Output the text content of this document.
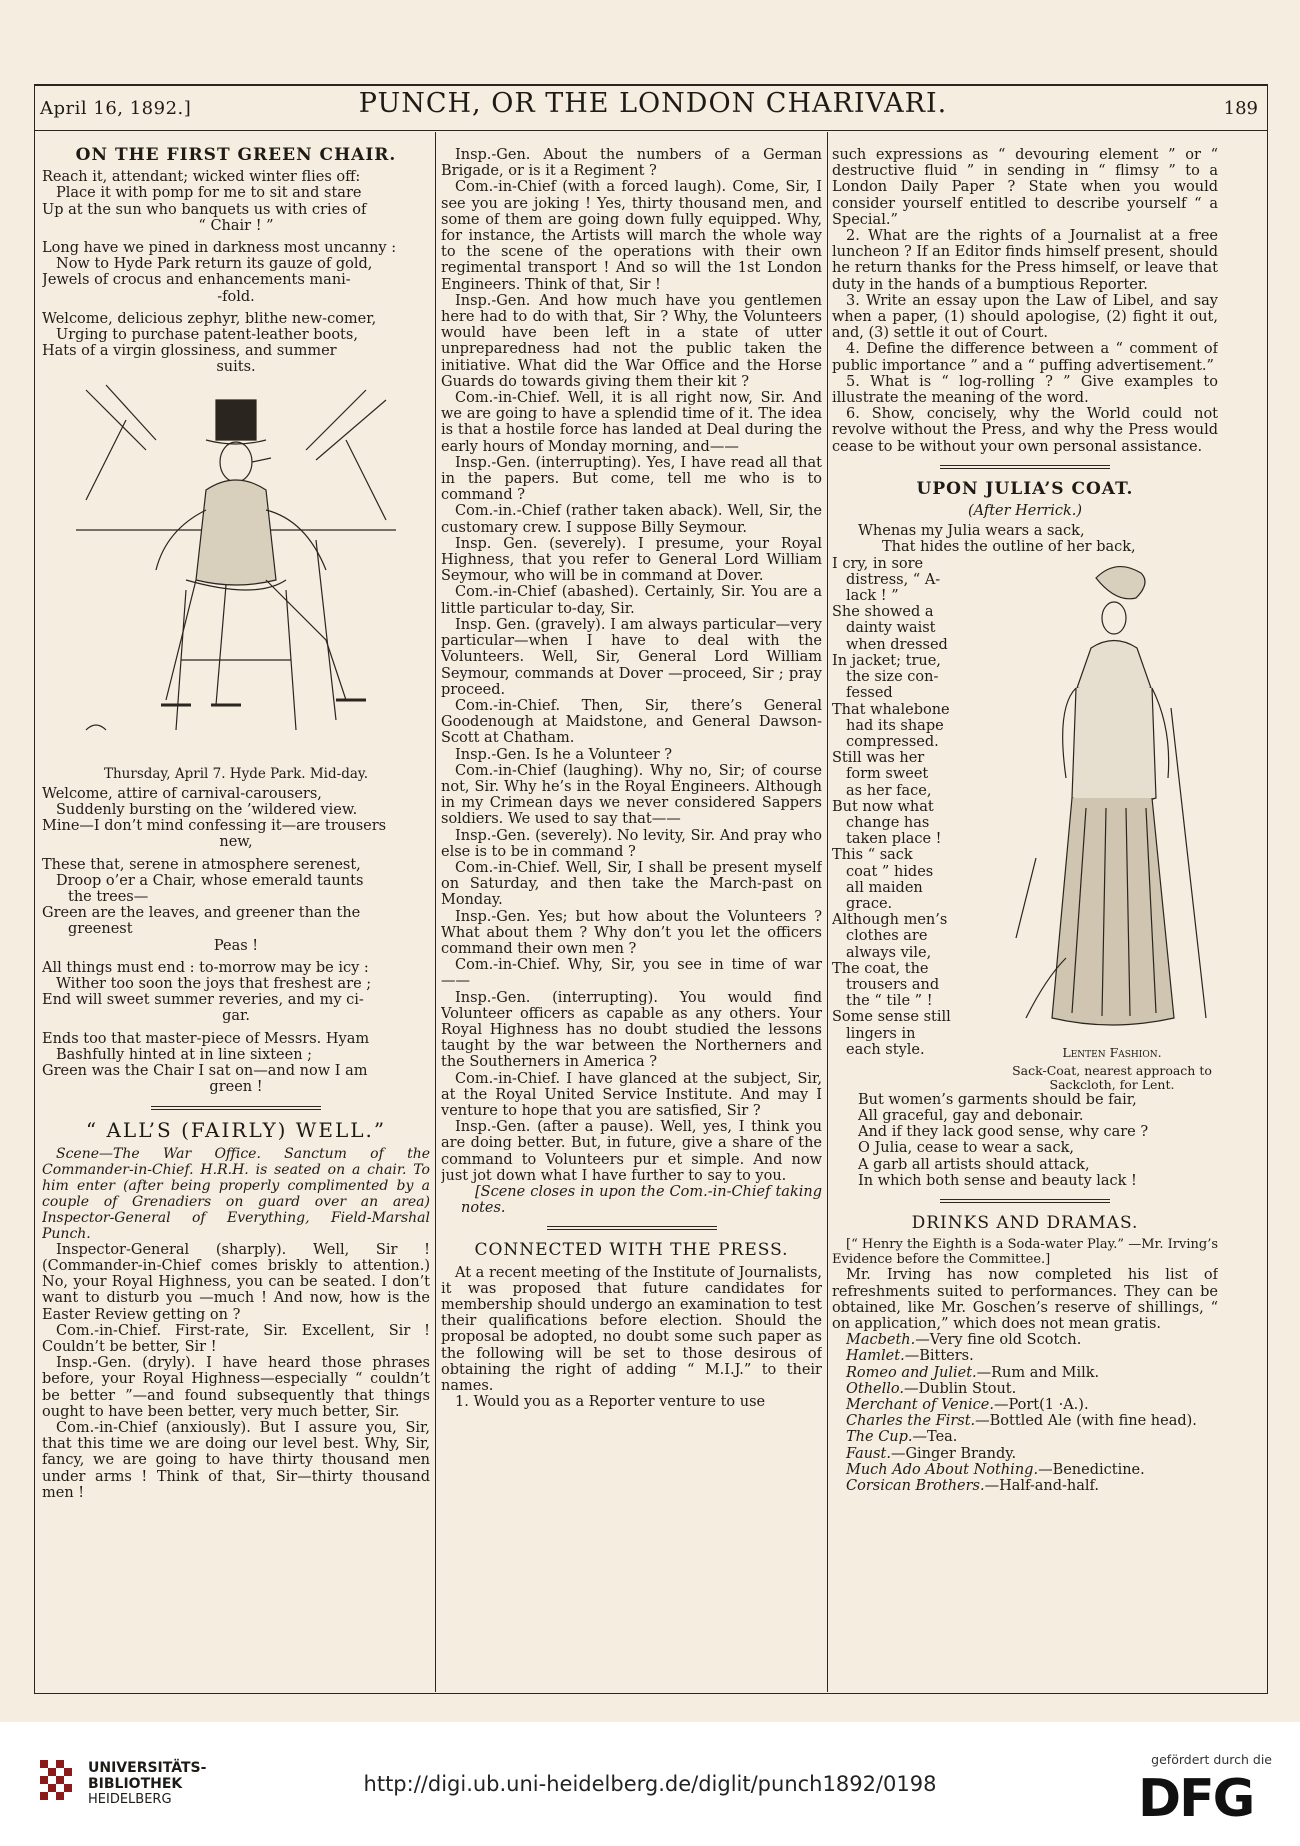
April 16, 1892.]	PUNCH, OR THE LONDON CHARIVARI.	189
ON THE FIRST GREEN CHAIR.
Reach it, attendant; wicked winter flies off:
Place it with pomp for me to sit and stare
Up at the sun who banquets us with cries of
“ Chair ! ”
Long have we pined in darkness most uncanny :
Now to Hyde Park return its gauze of gold,
Jewels of crocus and enhancements mani-
-fold.
Welcome, delicious zephyr, blithe new-comer,
Urging to purchase patent-leather boots,
Hats of a virgin glossiness, and summer
suits.
Thursday, April 7. Hyde Park. Mid-day.
Welcome, attire of carnival-carousers,
Suddenly bursting on the ’wildered view.
Mine—I don’t mind confessing it—are trousers
new,
These that, serene in atmosphere serenest,
Droop o’er a Chair, whose emerald taunts
the trees—
Green are the leaves, and greener than the
greenest
Peas !
All things must end : to-morrow may be icy :
Wither too soon the joys that freshest are ;
End will sweet summer reveries, and my ci-
gar.
Ends too that master-piece of Messrs. Hyam
Bashfully hinted at in line sixteen ;
Green was the Chair I sat on—and now I am
green !
“ ALL’S (FAIRLY) WELL.”

Scene—The War Office. Sanctum of the Commander-in-Chief. H.R.H. is seated on a chair. To him enter (after being properly complimented by a couple of Grenadiers on guard over an area) Inspector-General of Everything, Field-Marshal Punch.

Inspector-General (sharply). Well, Sir ! (Commander-in-Chief comes briskly to attention.) No, your Royal Highness, you can be seated. I don’t want to disturb you —much ! And now, how is the Easter Review getting on ?

Com.-in-Chief. First-rate, Sir. Excellent, Sir ! Couldn’t be better, Sir !

Insp.-Gen. (dryly). I have heard those phrases before, your Royal Highness—especially “ couldn’t be better ”—and found subsequently that things ought to have been better, very much better, Sir.

Com.-in-Chief (anxiously). But I assure you, Sir, that this time we are doing our level best. Why, Sir, fancy, we are going to have thirty thousand men under arms ! Think of that, Sir—thirty thousand men !

Insp.-Gen. About the numbers of a German Brigade, or is it a Regiment ?

Com.-in-Chief (with a forced laugh). Come, Sir, I see you are joking ! Yes, thirty thousand men, and some of them are going down fully equipped. Why, for instance, the Artists will march the whole way to the scene of the operations with their own regimental transport ! And so will the 1st London Engineers. Think of that, Sir !

Insp.-Gen. And how much have you gentlemen here had to do with that, Sir ? Why, the Volunteers would have been left in a state of utter unpreparedness had not the public taken the initiative. What did the War Office and the Horse Guards do towards giving them their kit ?

Com.-in-Chief. Well, it is all right now, Sir. And we are going to have a splendid time of it. The idea is that a hostile force has landed at Deal during the early hours of Monday morning, and——

Insp.-Gen. (interrupting). Yes, I have read all that in the papers. But come, tell me who is to command ?

Com.-in.-Chief (rather taken aback). Well, Sir, the customary crew. I suppose Billy Seymour.

Insp. Gen. (severely). I presume, your Royal Highness, that you refer to General Lord William Seymour, who will be in command at Dover.

Com.-in-Chief (abashed). Certainly, Sir. You are a little particular to-day, Sir.

Insp. Gen. (gravely). I am always particular—very particular—when I have to deal with the Volunteers. Well, Sir, General Lord William Seymour, commands at Dover —proceed, Sir ; pray proceed.

Com.-in-Chief. Then, Sir, there’s General Goodenough at Maidstone, and General Dawson-Scott at Chatham.

Insp.-Gen. Is he a Volunteer ?

Com.-in-Chief (laughing). Why no, Sir; of course not, Sir. Why he’s in the Royal Engineers. Although in my Crimean days we never considered Sappers soldiers. We used to say that——

Insp.-Gen. (severely). No levity, Sir. And pray who else is to be in command ?

Com.-in-Chief. Well, Sir, I shall be present myself on Saturday, and then take the March-past on Monday.

Insp.-Gen. Yes; but how about the Volunteers ? What about them ? Why don’t you let the officers command their own men ?

Com.-in-Chief. Why, Sir, you see in time of war——

Insp.-Gen. (interrupting). You would find Volunteer officers as capable as any others. Your Royal Highness has no doubt studied the lessons taught by the war between the Northerners and the Southerners in America ?

Com.-in-Chief. I have glanced at the subject, Sir, at the Royal United Service Institute. And may I venture to hope that you are satisfied, Sir ?

Insp.-Gen. (after a pause). Well, yes, I think you are doing better. But, in future, give a share of the command to Volunteers pur et simple. And now just jot down what I have further to say to you.

[Scene closes in upon the Com.-in-Chief taking notes.

CONNECTED WITH THE PRESS.

At a recent meeting of the Institute of Journalists, it was proposed that future candidates for membership should undergo an examination to test their qualifications before election. Should the proposal be adopted, no doubt some such paper as the following will be set to those desirous of obtaining the right of adding “ M.I.J.” to their names.

1. Would you as a Reporter venture to use

such expressions as “ devouring element ” or “ destructive fluid ” in sending in “ flimsy ” to a London Daily Paper ? State when you would consider yourself entitled to describe yourself “ a Special.”

2. What are the rights of a Journalist at a free luncheon ? If an Editor finds himself present, should he return thanks for the Press himself, or leave that duty in the hands of a bumptious Reporter.

3. Write an essay upon the Law of Libel, and say when a paper, (1) should apologise, (2) fight it out, and, (3) settle it out of Court.

4. Define the difference between a “ comment of public importance ” and a “ puffing advertisement.”

5. What is “ log-rolling ? ” Give examples to illustrate the meaning of the word.

6. Show, concisely, why the World could not revolve without the Press, and why the Press would cease to be without your own personal assistance.

UPON JULIA’S COAT.
(After Herrick.)
Whenas my Julia wears a sack,
That hides the outline of her back,
Lenten Fashion.
Sack-Coat, nearest approach to Sackcloth, for Lent.
I cry, in sore
distress, “ A-
lack ! ”
She showed a
dainty waist
when dressed
In jacket; true,
the size con-
fessed
That whalebone
had its shape
compressed.
Still was her
form sweet
as her face,
But now what
change has
taken place !
This “ sack
coat ” hides
all maiden
grace.
Although men’s
clothes are
always vile,
The coat, the
trousers and
the “ tile ” !
Some sense still
lingers in
each style.
But women’s garments should be fair,
All graceful, gay and debonair.
And if they lack good sense, why care ?
O Julia, cease to wear a sack,
A garb all artists should attack,
In which both sense and beauty lack !
DRINKS AND DRAMAS.

[“ Henry the Eighth is a Soda-water Play.” —Mr. Irving’s Evidence before the Committee.]

Mr. Irving has now completed his list of refreshments suited to performances. They can be obtained, like Mr. Goschen’s reserve of shillings, “ on application,” which does not mean gratis.

Macbeth.—Very fine old Scotch.
Hamlet.—Bitters.
Romeo and Juliet.—Rum and Milk.
Othello.—Dublin Stout.
Merchant of Venice.—Port(1 ·A.).
Charles the First.—Bottled Ale (with fine head).
The Cup.—Tea.
Faust.—Ginger Brandy.
Much Ado About Nothing.—Benedictine.
Corsican Brothers.—Half-and-half.
UNIVERSITÄTS-
BIBLIOTHEK
HEIDELBERG
http://digi.ub.uni-heidelberg.de/diglit/punch1892/0198
gefördert durch die
DFG
